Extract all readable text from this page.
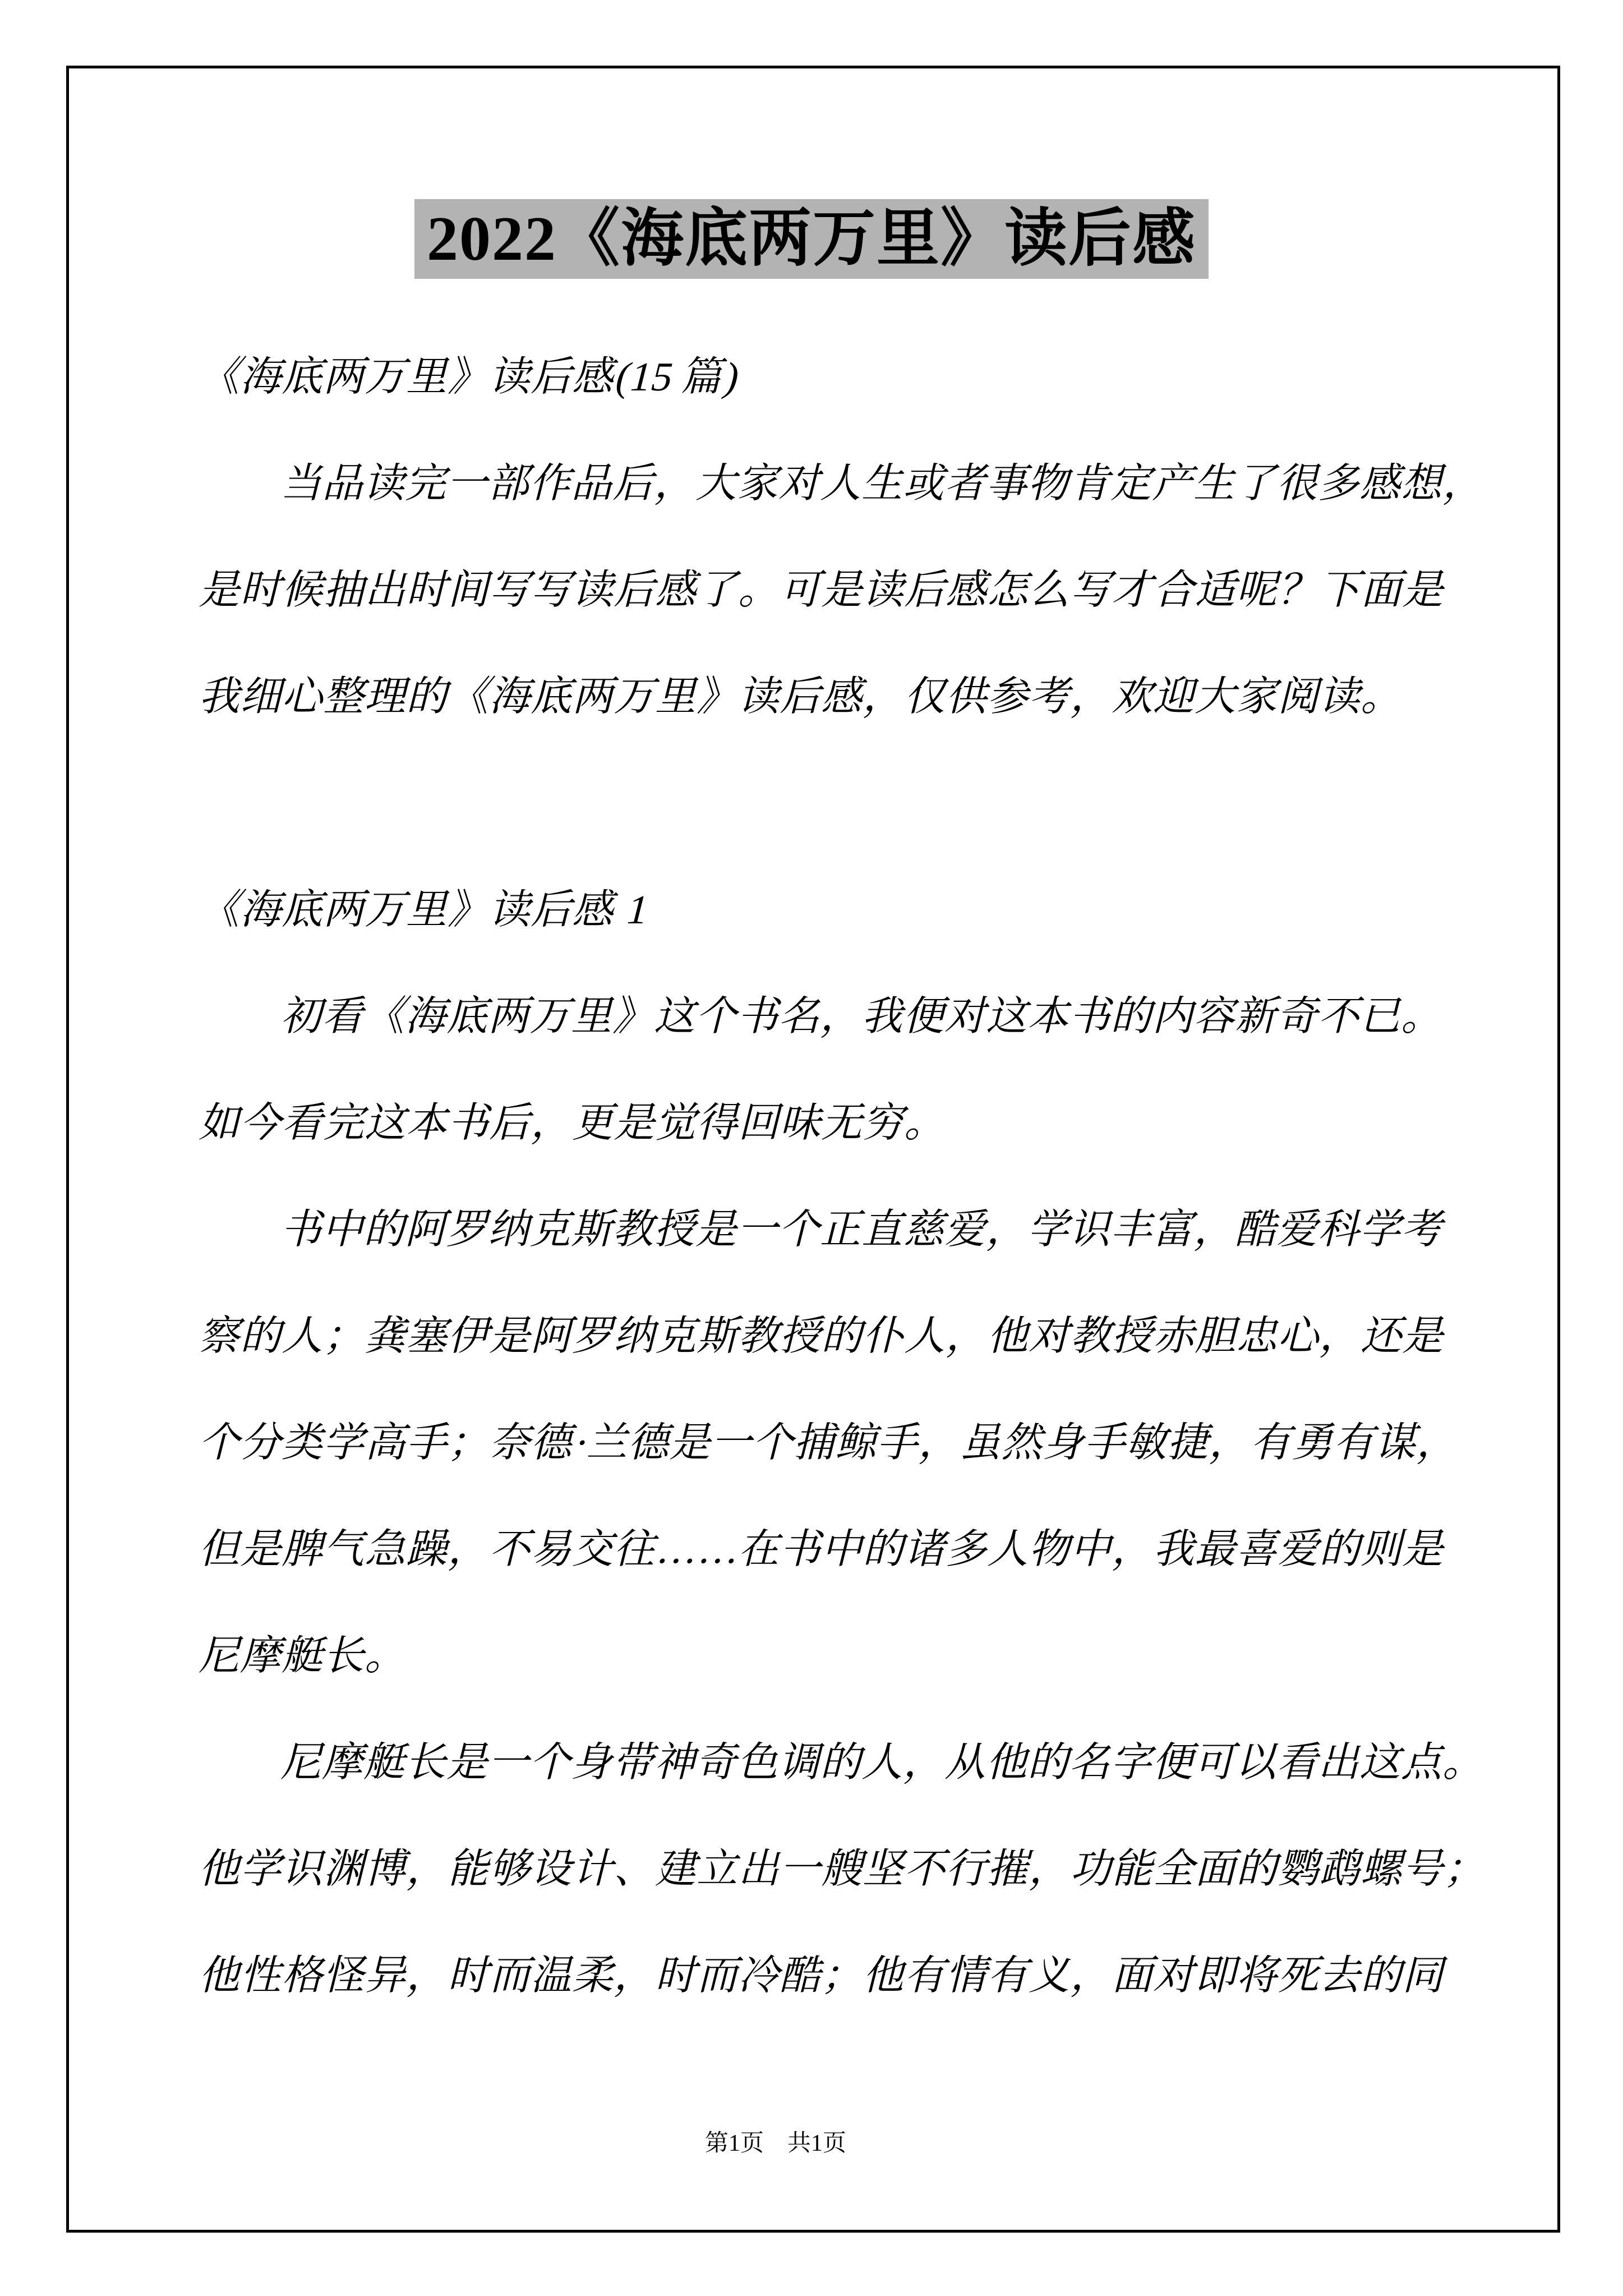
2022《海底两万里》读后感
《海底两万里》读后感(15 篇)
当品读完一部作品后，大家对人生或者事物肯定产生了很多感想，
是时候抽出时间写写读后感了。可是读后感怎么写才合适呢？下面是
我细心整理的《海底两万里》读后感，仅供参考，欢迎大家阅读。
《海底两万里》读后感 1
初看《海底两万里》这个书名，我便对这本书的内容新奇不已。
如今看完这本书后，更是觉得回味无穷。
书中的阿罗纳克斯教授是一个正直慈爱，学识丰富，酷爱科学考
察的人；龚塞伊是阿罗纳克斯教授的仆人，他对教授赤胆忠心，还是
个分类学高手；奈德·兰德是一个捕鲸手，虽然身手敏捷，有勇有谋，
但是脾气急躁，不易交往……在书中的诸多人物中，我最喜爱的则是
尼摩艇长。
尼摩艇长是一个身带神奇色调的人，从他的名字便可以看出这点。
他学识渊博，能够设计、建立出一艘坚不行摧，功能全面的鹦鹉螺号；
他性格怪异，时而温柔，时而冷酷；他有情有义，面对即将死去的同
第1页　共1页
